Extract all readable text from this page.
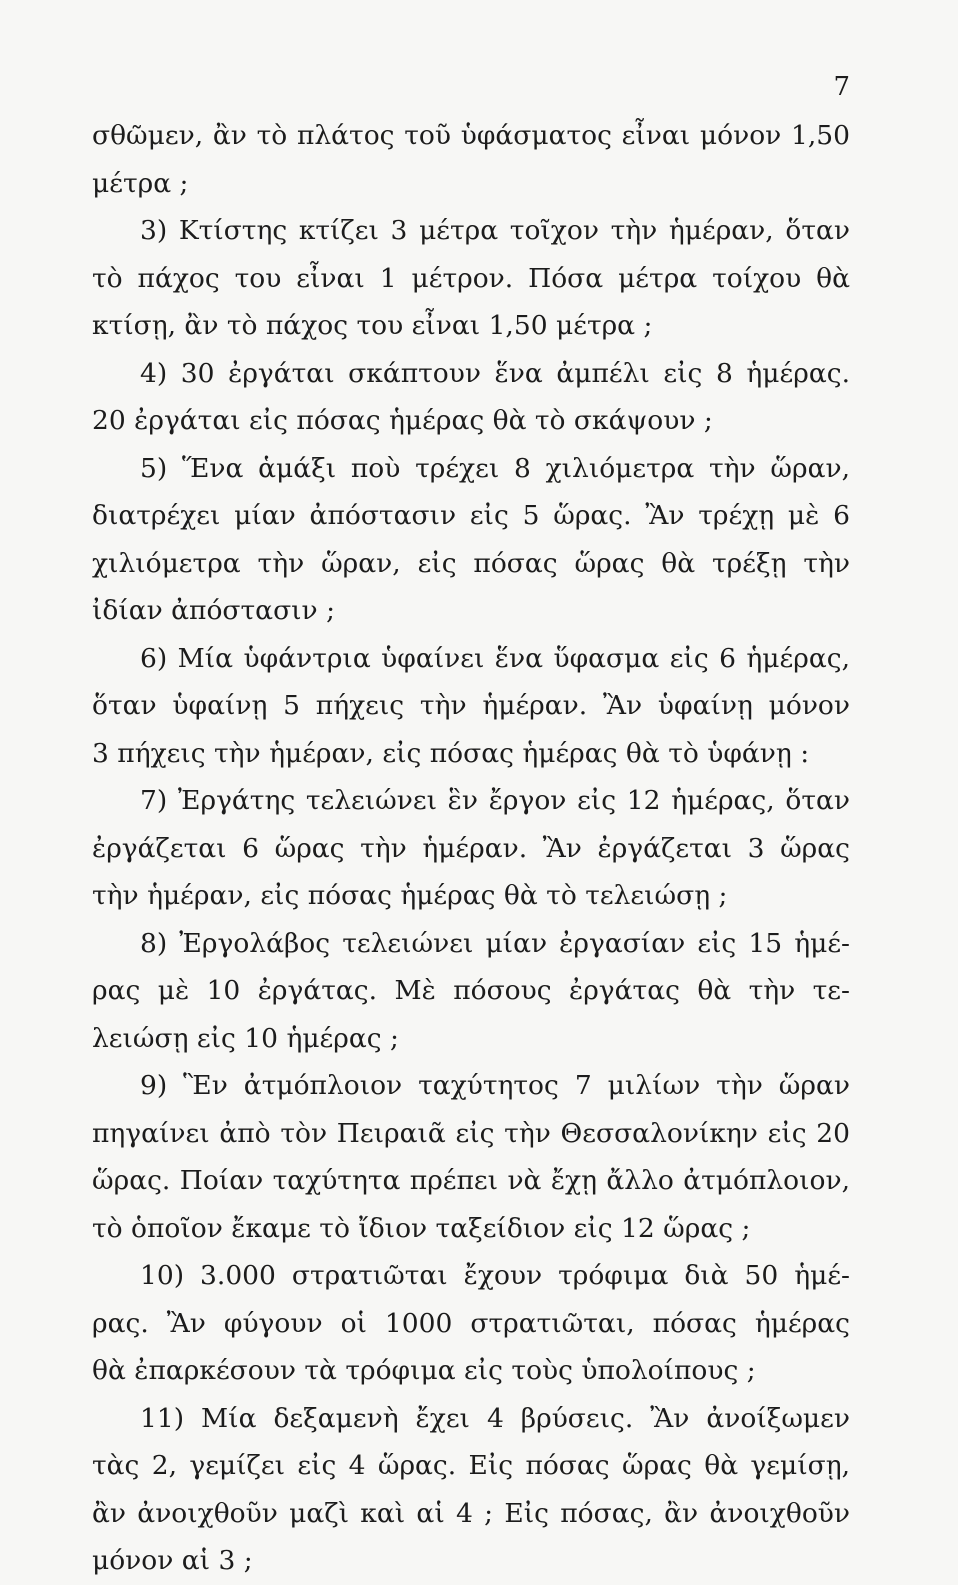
7
σθῶμεν, ἂν τὸ πλάτος τοῦ ὑφάσματος εἶναι μόνον 1,50
μέτρα ;
3) Κτίστης κτίζει 3 μέτρα τοῖχον τὴν ἡμέραν, ὅταν
τὸ πάχος του εἶναι 1 μέτρον. Πόσα μέτρα τοίχου θὰ
κτίσῃ, ἂν τὸ πάχος του εἶναι 1,50 μέτρα ;
4) 30 ἐργάται σκάπτουν ἕνα ἀμπέλι εἰς 8 ἡμέρας.
20 ἐργάται εἰς πόσας ἡμέρας θὰ τὸ σκάψουν ;
5) Ἕνα ἁμάξι ποὺ τρέχει 8 χιλιόμετρα τὴν ὥραν,
διατρέχει μίαν ἀπόστασιν εἰς 5 ὥρας. Ἂν τρέχῃ μὲ 6
χιλιόμετρα τὴν ὥραν, εἰς πόσας ὥρας θὰ τρέξῃ τὴν
ἰδίαν ἀπόστασιν ;
6) Μία ὑφάντρια ὑφαίνει ἕνα ὕφασμα εἰς 6 ἡμέρας,
ὅταν ὑφαίνῃ 5 πήχεις τὴν ἡμέραν. Ἂν ὑφαίνῃ μόνον
3 πήχεις τὴν ἡμέραν, εἰς πόσας ἡμέρας θὰ τὸ ὑφάνῃ :
7) Ἐργάτης τελειώνει ἓν ἔργον εἰς 12 ἡμέρας, ὅταν
ἐργάζεται 6 ὥρας τὴν ἡμέραν. Ἂν ἐργάζεται 3 ὥρας
τὴν ἡμέραν, εἰς πόσας ἡμέρας θὰ τὸ τελειώσῃ ;
8) Ἐργολάβος τελειώνει μίαν ἐργασίαν εἰς 15 ἡμέ-
ρας μὲ 10 ἐργάτας. Μὲ πόσους ἐργάτας θὰ τὴν τε-
λειώσῃ εἰς 10 ἡμέρας ;
9) Ἓν ἀτμόπλοιον ταχύτητος 7 μιλίων τὴν ὥραν
πηγαίνει ἀπὸ τὸν Πειραιᾶ εἰς τὴν Θεσσαλονίκην εἰς 20
ὥρας. Ποίαν ταχύτητα πρέπει νὰ ἔχῃ ἄλλο ἀτμόπλοιον,
τὸ ὁποῖον ἔκαμε τὸ ἴδιον ταξείδιον εἰς 12 ὥρας ;
10) 3.000 στρατιῶται ἔχουν τρόφιμα διὰ 50 ἡμέ-
ρας. Ἂν φύγουν οἱ 1000 στρατιῶται, πόσας ἡμέρας
θὰ ἐπαρκέσουν τὰ τρόφιμα εἰς τοὺς ὑπολοίπους ;
11) Μία δεξαμενὴ ἔχει 4 βρύσεις. Ἂν ἀνοίξωμεν
τὰς 2, γεμίζει εἰς 4 ὥρας. Εἰς πόσας ὥρας θὰ γεμίσῃ,
ἂν ἀνοιχθοῦν μαζὶ καὶ αἱ 4 ; Εἰς πόσας, ἂν ἀνοιχθοῦν
μόνον αἱ 3 ;
